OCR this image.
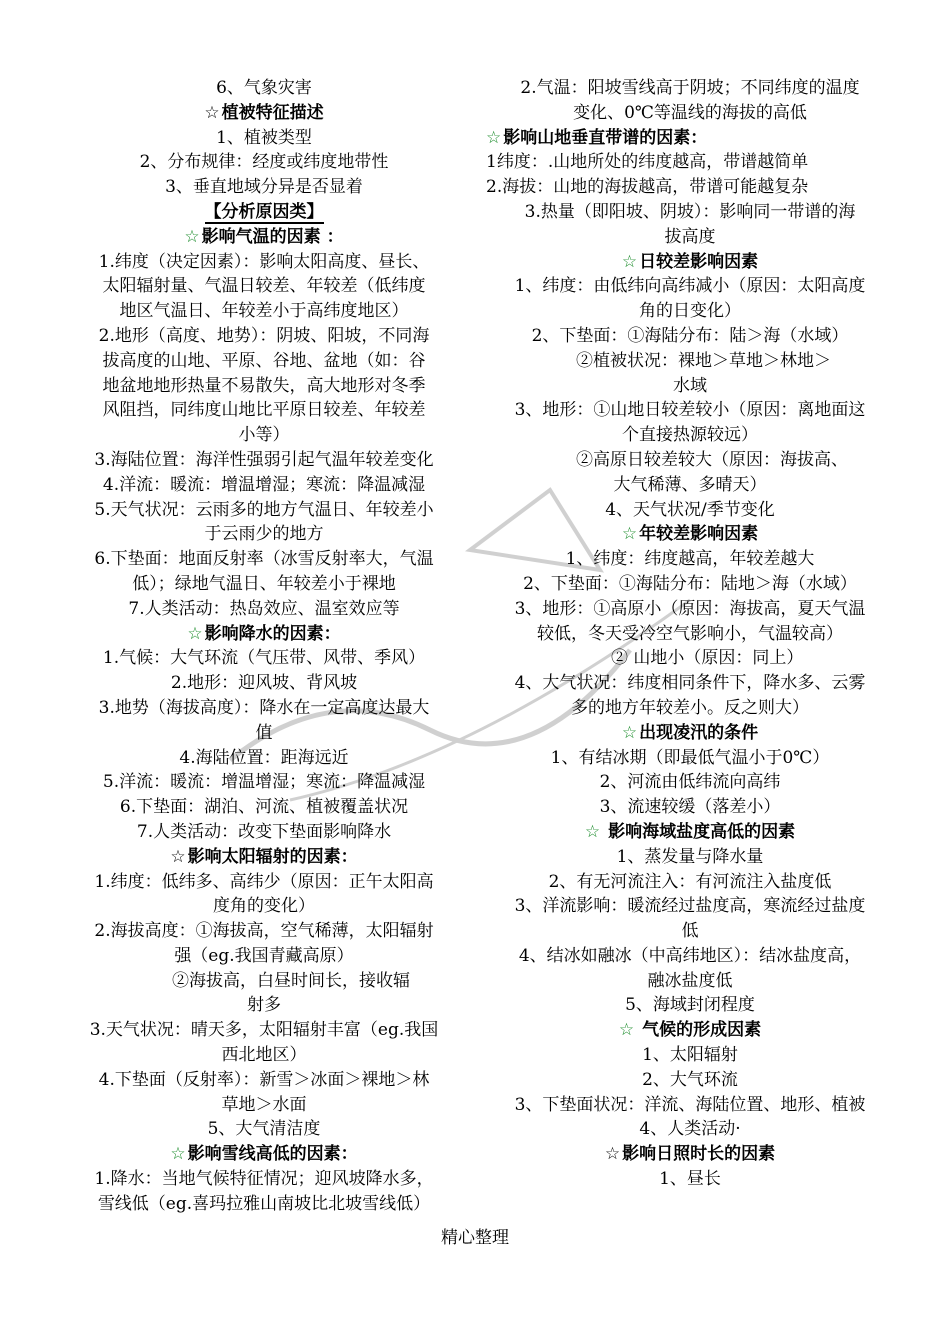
6、气象灾害
☆ 植被特征描述
1、植被类型
2、分布规律：经度或纬度地带性
3、垂直地域分异是否显着
【分析原因类】
☆ 影响气温的因素 ：
1.纬度（决定因素）：影响太阳高度、昼长、
太阳辐射量、气温日较差、年较差（低纬度
地区气温日、年较差小于高纬度地区）
2.地形（高度、地势）：阴坡、阳坡，不同海
拔高度的山地、平原、谷地、盆地（如：谷
地盆地地形热量不易散失，高大地形对冬季
风阻挡，同纬度山地比平原日较差、年较差
小等）
3.海陆位置：海洋性强弱引起气温年较差变化
4.洋流：暖流：增温增湿；寒流：降温减湿
5.天气状况：云雨多的地方气温日、年较差小
于云雨少的地方
6.下垫面：地面反射率（冰雪反射率大，气温
低）；绿地气温日、年较差小于裸地
7.人类活动：热岛效应、温室效应等
☆ 影响降水的因素：
1.气候：大气环流（气压带、风带、季风）
2.地形：迎风坡、背风坡
3.地势（海拔高度）：降水在一定高度达最大
值
4.海陆位置：距海远近
5.洋流：暖流：增温增湿；寒流：降温减湿
6.下垫面：湖泊、河流、植被覆盖状况
7.人类活动：改变下垫面影响降水
☆ 影响太阳辐射的因素：
1.纬度：低纬多、高纬少（原因：正午太阳高
度角的变化）
2.海拔高度：①海拔高，空气稀薄，太阳辐射
强（eg.我国青藏高原）
②海拔高，白昼时间长，接收辐
射多
3.天气状况：晴天多，太阳辐射丰富（eg.我国
西北地区）
4.下垫面（反射率）：新雪＞冰面＞裸地＞林
草地＞水面
5、大气清洁度
☆ 影响雪线高低的因素：
1.降水：当地气候特征情况；迎风坡降水多，
雪线低（eg.喜玛拉雅山南坡比北坡雪线低）
2.气温：阳坡雪线高于阴坡；不同纬度的温度
变化、0℃等温线的海拔的高低
☆ 影响山地垂直带谱的因素：
1纬度：.山地所处的纬度越高，带谱越简单
2.海拔：山地的海拔越高，带谱可能越复杂
3.热量（即阳坡、阴坡）：影响同一带谱的海
拔高度
☆ 日较差影响因素
1、纬度：由低纬向高纬减小（原因：太阳高度
角的日变化）
2、下垫面：①海陆分布：陆＞海（水域）
②植被状况：裸地＞草地＞林地＞
水域
3、地形：①山地日较差较小（原因：离地面这
个直接热源较远）
②高原日较差较大（原因：海拔高、
大气稀薄、多晴天）
4、天气状况/季节变化
☆ 年较差影响因素
1、纬度：纬度越高，年较差越大
2、下垫面：①海陆分布：陆地＞海（水域）
3、地形：①高原小（原因：海拔高，夏天气温
较低，冬天受冷空气影响小，气温较高）
② 山地小（原因：同上）
4、大气状况：纬度相同条件下，降水多、云雾
多的地方年较差小。反之则大）
☆ 出现凌汛的条件
1、有结冰期（即最低气温小于0℃）
2、河流由低纬流向高纬
3、流速较缓（落差小）
☆ 影响海域盐度高低的因素
1、蒸发量与降水量
2、有无河流注入：有河流注入盐度低
3、洋流影响：暖流经过盐度高，寒流经过盐度
低
4、结冰如融冰（中高纬地区）：结冰盐度高，
融冰盐度低
5、海域封闭程度
☆ 气候的形成因素
1、太阳辐射
2、大气环流
3、下垫面状况：洋流、海陆位置、地形、植被
4、人类活动·
☆ 影响日照时长的因素
1、昼长
精心整理
